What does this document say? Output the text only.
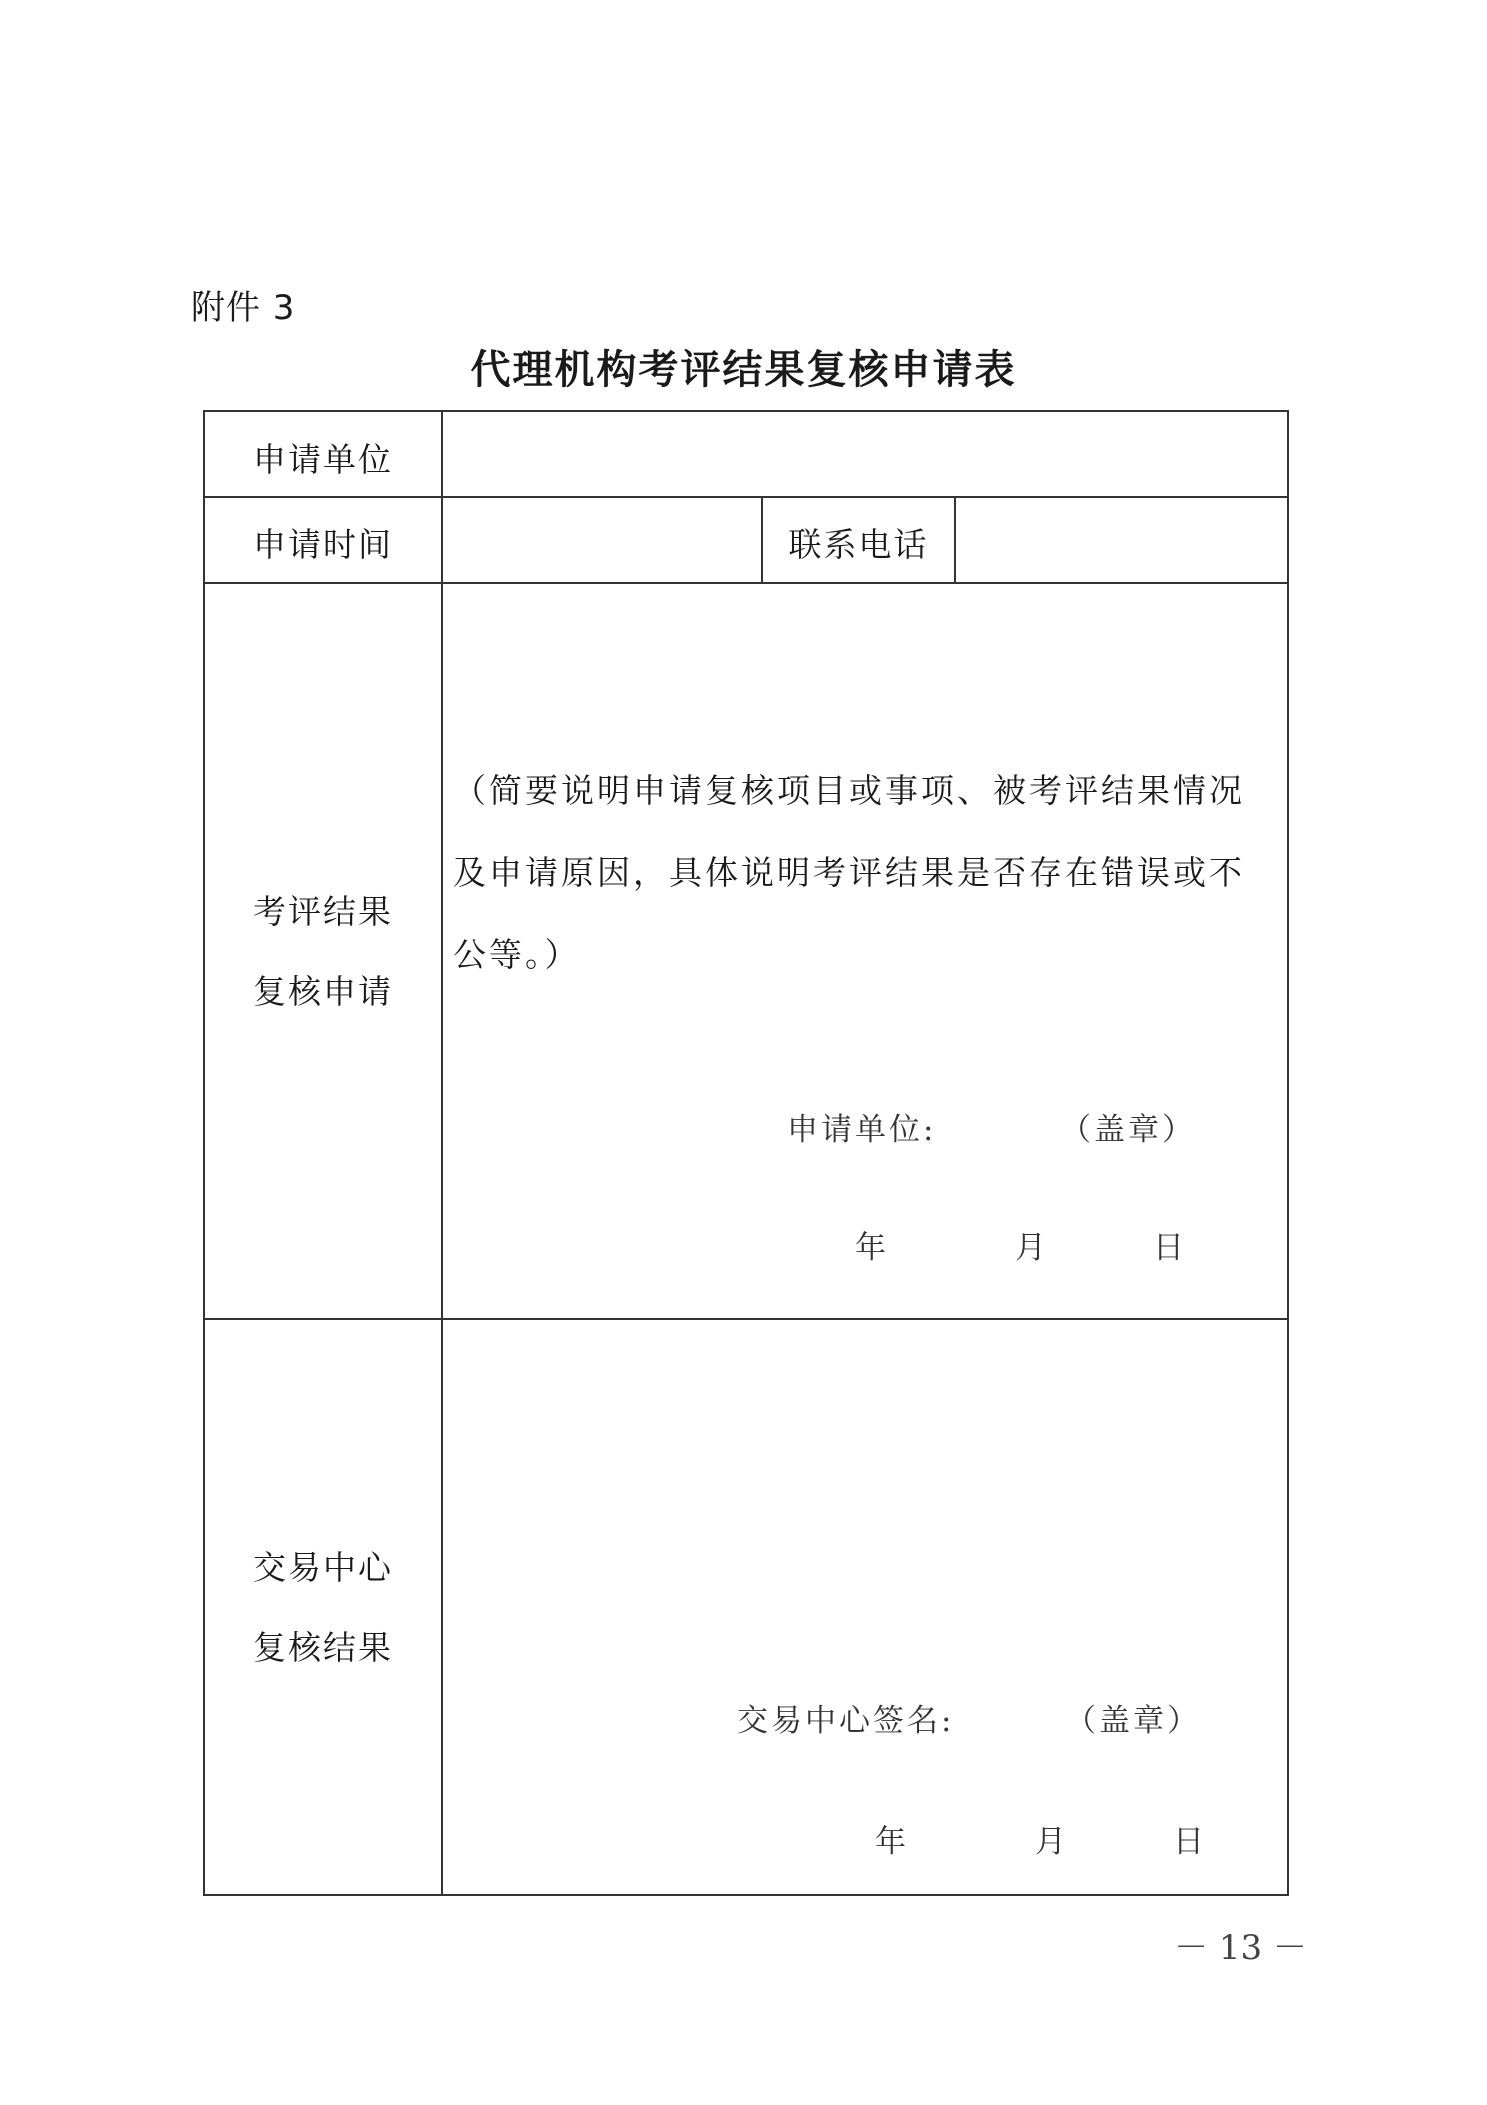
附件 3
代理机构考评结果复核申请表
申请单位
申请时间	联系电话
考评结果
复核申请
（简要说明申请复核项目或事项、被考评结果情况及申请原因，具体说明考评结果是否存在错误或不公等。）
申请单位:	（盖章）
年	月	日
交易中心
复核结果
交易中心签名:	（盖章）
年	月	日
－ 13 －
